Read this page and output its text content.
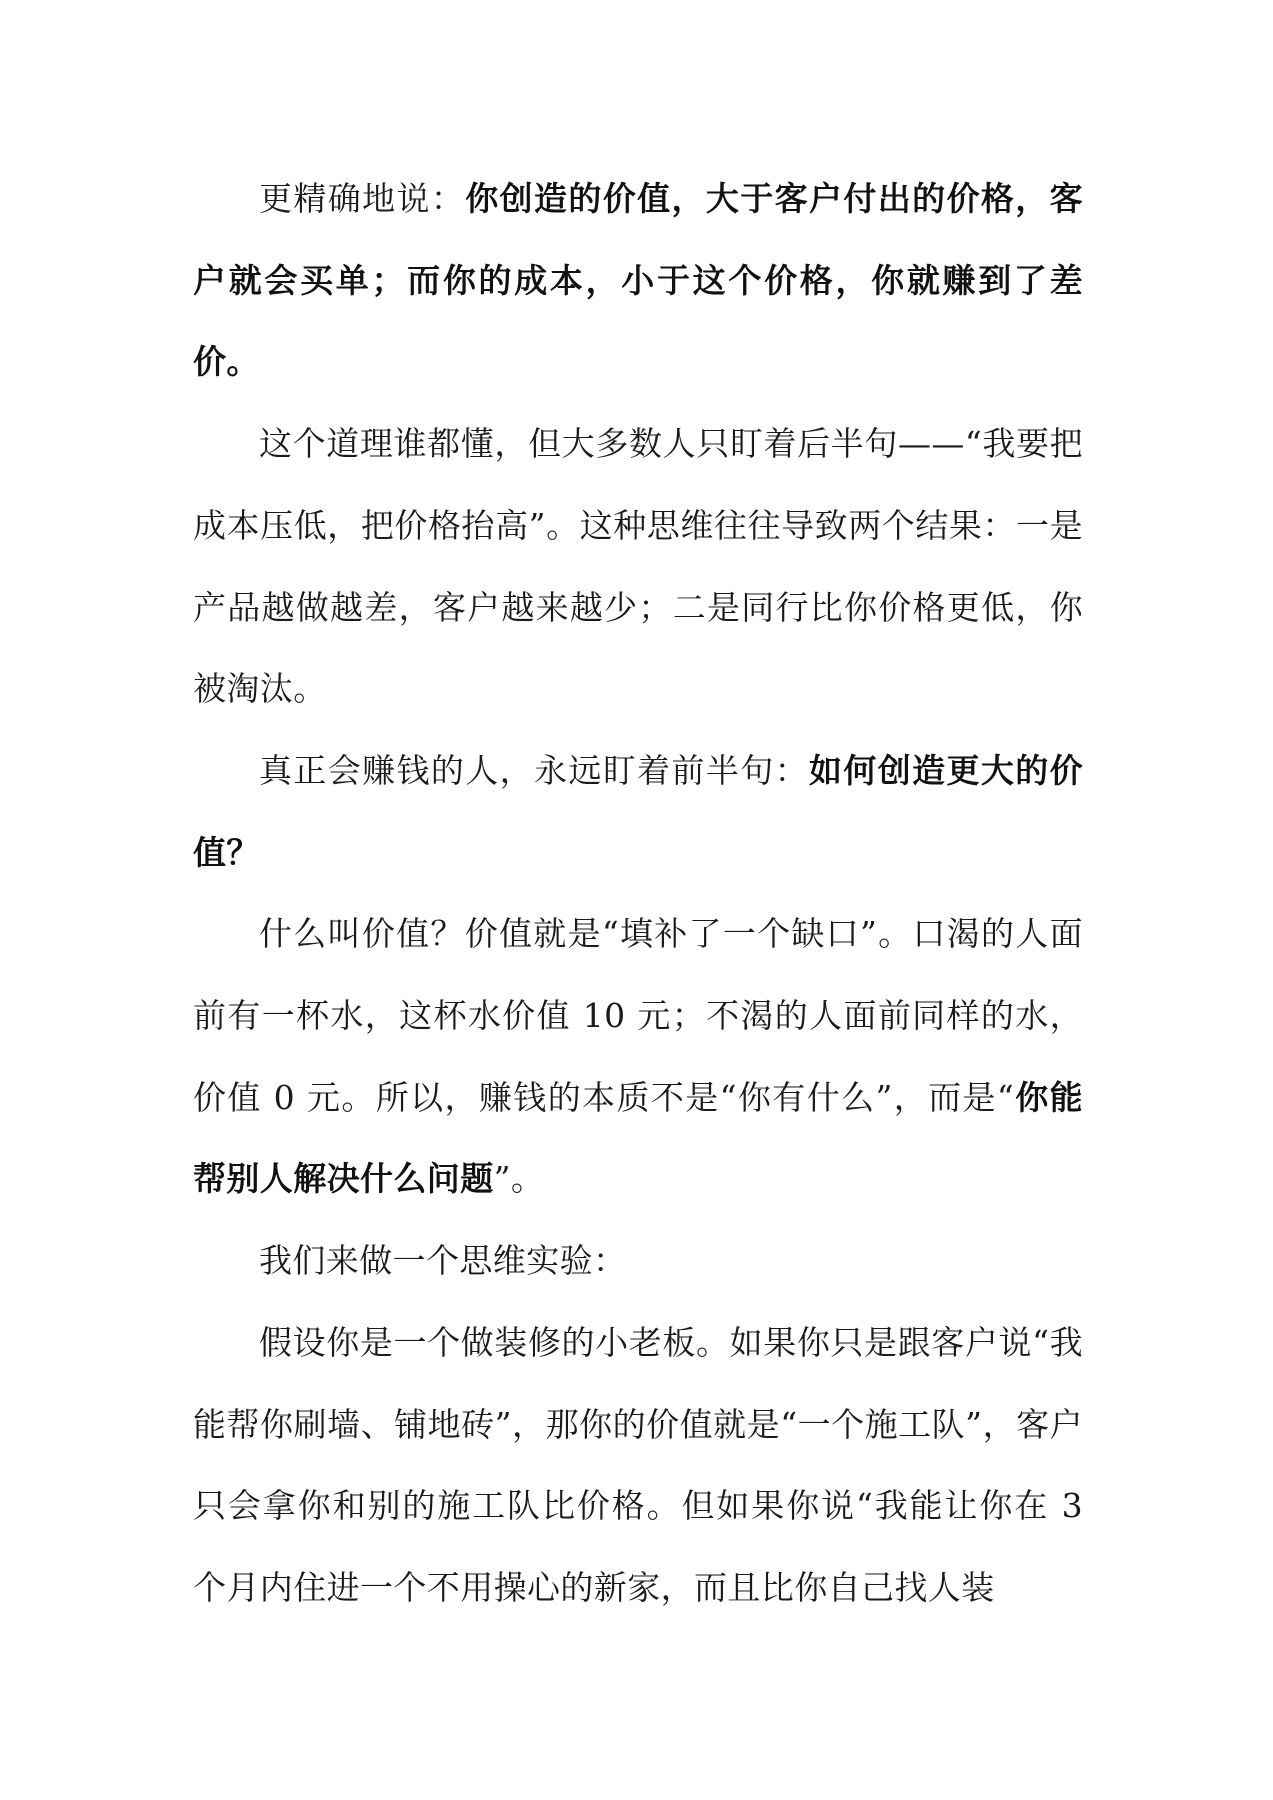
更精确地说：你创造的价值，大于客户付出的价格，客户就会买单；而你的成本，小于这个价格，你就赚到了差价。

这个道理谁都懂，但大多数人只盯着后半句——“我要把成本压低，把价格抬高”。这种思维往往导致两个结果：一是产品越做越差，客户越来越少；二是同行比你价格更低，你被淘汰。

真正会赚钱的人，永远盯着前半句：如何创造更大的价值？

什么叫价值？价值就是“填补了一个缺口”。口渴的人面前有一杯水，这杯水价值 10 元；不渴的人面前同样的水，价值 0 元。所以，赚钱的本质不是“你有什么”，而是“你能帮别人解决什么问题”。

我们来做一个思维实验：

假设你是一个做装修的小老板。如果你只是跟客户说“我能帮你刷墙、铺地砖”，那你的价值就是“一个施工队”，客户只会拿你和别的施工队比价格。但如果你说“我能让你在 3 个月内住进一个不用操心的新家，而且比你自己找人装
